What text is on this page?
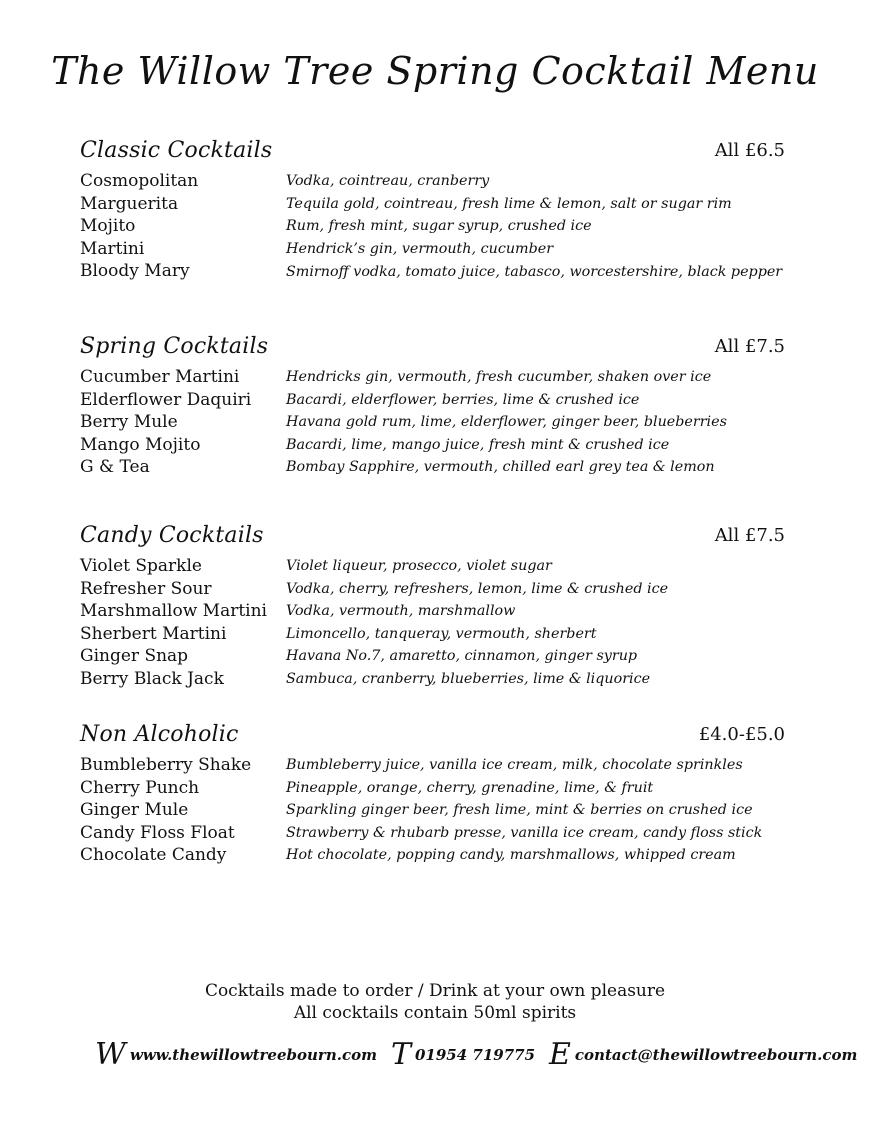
The Willow Tree Spring Cocktail Menu
Classic Cocktails	All £6.5
Cosmopolitan	Vodka, cointreau, cranberry
Marguerita	Tequila gold, cointreau, fresh lime & lemon, salt or sugar rim
Mojito	Rum, fresh mint, sugar syrup, crushed ice
Martini	Hendrick’s gin, vermouth, cucumber
Bloody Mary	Smirnoff vodka, tomato juice, tabasco, worcestershire, black pepper
Spring Cocktails	All £7.5
Cucumber Martini	Hendricks gin, vermouth, fresh cucumber, shaken over ice
Elderflower Daquiri	Bacardi, elderflower, berries, lime & crushed ice
Berry Mule	Havana gold rum, lime, elderflower, ginger beer, blueberries
Mango Mojito	Bacardi, lime, mango juice, fresh mint & crushed ice
G & Tea	Bombay Sapphire, vermouth, chilled earl grey tea & lemon
Candy Cocktails	All £7.5
Violet Sparkle	Violet liqueur, prosecco, violet sugar
Refresher Sour	Vodka, cherry, refreshers, lemon, lime & crushed ice
Marshmallow Martini	Vodka, vermouth, marshmallow
Sherbert Martini	Limoncello, tanqueray, vermouth, sherbert
Ginger Snap	Havana No.7, amaretto, cinnamon, ginger syrup
Berry Black Jack	Sambuca, cranberry, blueberries, lime & liquorice
Non Alcoholic	£4.0-£5.0
Bumbleberry Shake	Bumbleberry juice, vanilla ice cream, milk, chocolate sprinkles
Cherry Punch	Pineapple, orange, cherry, grenadine, lime, & fruit
Ginger Mule	Sparkling ginger beer, fresh lime, mint & berries on crushed ice
Candy Floss Float	Strawberry & rhubarb presse, vanilla ice cream, candy floss stick
Chocolate Candy	Hot chocolate, popping candy, marshmallows, whipped cream
Cocktails made to order / Drink at your own pleasure
All cocktails contain 50ml spirits
W www.thewillowtreebourn.com T 01954 719775 E contact@thewillowtreebourn.com
